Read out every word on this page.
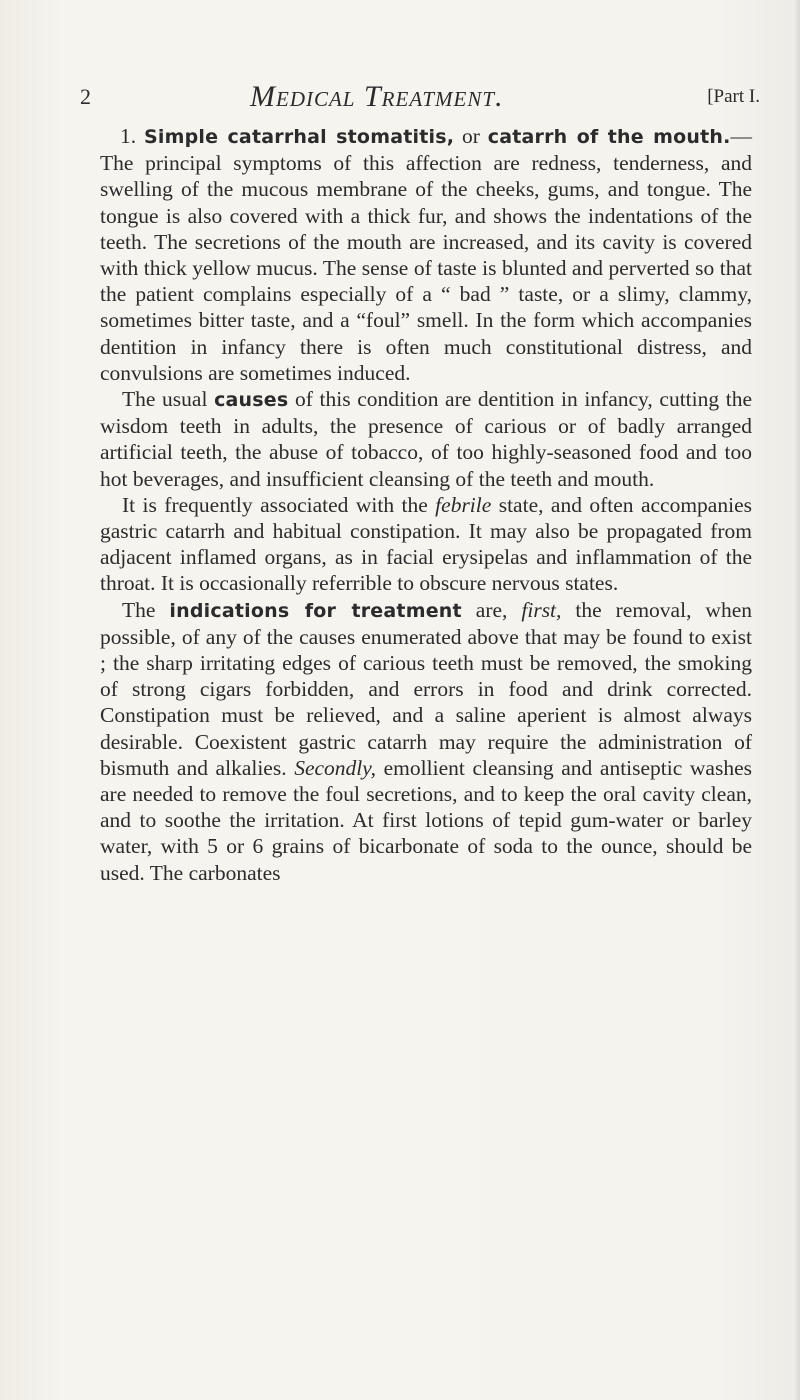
2	Medical Treatment.	[Part I.

1. Simple catarrhal stomatitis, or catarrh of the mouth.—The principal symptoms of this affection are redness, tenderness, and swelling of the mucous membrane of the cheeks, gums, and tongue. The tongue is also covered with a thick fur, and shows the indentations of the teeth. The secretions of the mouth are increased, and its cavity is covered with thick yellow mucus. The sense of taste is blunted and perverted so that the patient complains especially of a “ bad ” taste, or a slimy, clammy, sometimes bitter taste, and a “foul” smell. In the form which accompanies dentition in infancy there is often much constitutional distress, and convulsions are sometimes induced.

The usual causes of this condition are dentition in infancy, cutting the wisdom teeth in adults, the presence of carious or of badly arranged artificial teeth, the abuse of tobacco, of too highly-seasoned food and too hot beverages, and insufficient cleansing of the teeth and mouth.

It is frequently associated with the febrile state, and often accompanies gastric catarrh and habitual constipation. It may also be propagated from adjacent inflamed organs, as in facial erysipelas and inflammation of the throat. It is occasionally referrible to obscure nervous states.

The indications for treatment are, first, the removal, when possible, of any of the causes enumerated above that may be found to exist ; the sharp irritating edges of carious teeth must be removed, the smoking of strong cigars forbidden, and errors in food and drink corrected. Constipation must be relieved, and a saline aperient is almost always desirable. Coexistent gastric catarrh may require the administration of bismuth and alkalies. Secondly, emollient cleansing and antiseptic washes are needed to remove the foul secretions, and to keep the oral cavity clean, and to soothe the irritation. At first lotions of tepid gum-water or barley water, with 5 or 6 grains of bicarbonate of soda to the ounce, should be used. The carbonates
